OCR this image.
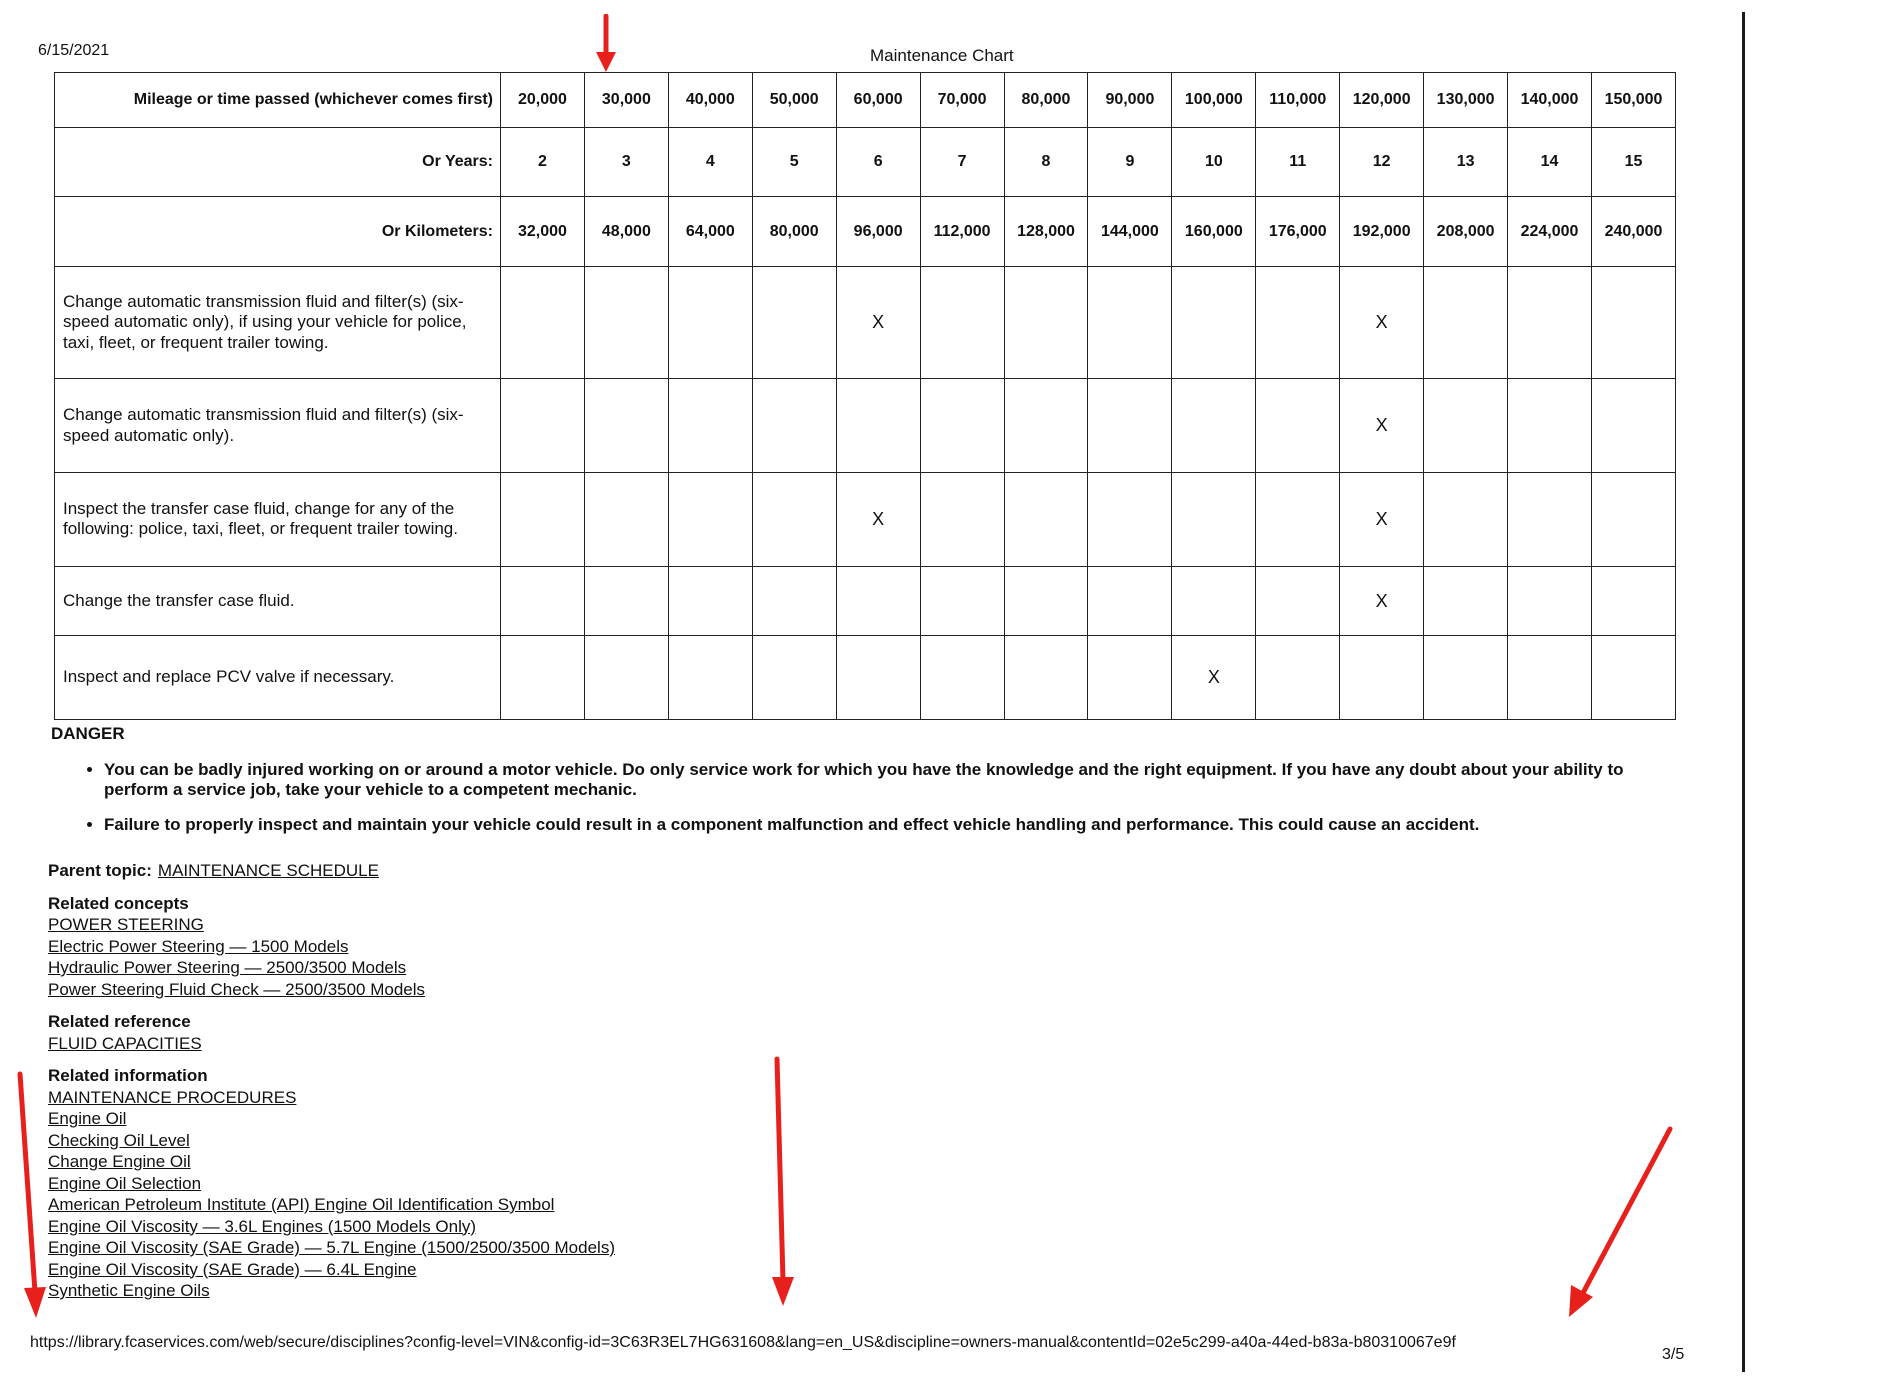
6/15/2021	Maintenance Chart
Mileage or time passed (whichever comes first)	20,000	30,000	40,000	50,000	60,000	70,000	80,000	90,000	100,000	110,000	120,000	130,000	140,000	150,000
Or Years:	2	3	4	5	6	7	8	9	10	11	12	13	14	15
Or Kilometers:	32,000	48,000	64,000	80,000	96,000	112,000	128,000	144,000	160,000	176,000	192,000	208,000	224,000	240,000
Change automatic transmission fluid and filter(s) (six-speed automatic only), if using your vehicle for police, taxi, fleet, or frequent trailer towing.					X						X			
Change automatic transmission fluid and filter(s) (six-speed automatic only).											X			
Inspect the transfer case fluid, change for any of the following: police, taxi, fleet, or frequent trailer towing.					X						X			
Change the transfer case fluid.											X			
Inspect and replace PCV valve if necessary.									X					
DANGER
• You can be badly injured working on or around a motor vehicle. Do only service work for which you have the knowledge and the right equipment. If you have any doubt about your ability to perform a service job, take your vehicle to a competent mechanic.
• Failure to properly inspect and maintain your vehicle could result in a component malfunction and effect vehicle handling and performance. This could cause an accident.
Parent topic: MAINTENANCE SCHEDULE
Related concepts
POWER STEERING
Electric Power Steering — 1500 Models
Hydraulic Power Steering — 2500/3500 Models
Power Steering Fluid Check — 2500/3500 Models
Related reference
FLUID CAPACITIES
Related information
MAINTENANCE PROCEDURES
Engine Oil
Checking Oil Level
Change Engine Oil
Engine Oil Selection
American Petroleum Institute (API) Engine Oil Identification Symbol
Engine Oil Viscosity — 3.6L Engines (1500 Models Only)
Engine Oil Viscosity (SAE Grade) — 5.7L Engine (1500/2500/3500 Models)
Engine Oil Viscosity (SAE Grade) — 6.4L Engine
Synthetic Engine Oils
https://library.fcaservices.com/web/secure/disciplines?config-level=VIN&config-id=3C63R3EL7HG631608&lang=en_US&discipline=owners-manual&contentId=02e5c299-a40a-44ed-b83a-b80310067e9f
3/5
